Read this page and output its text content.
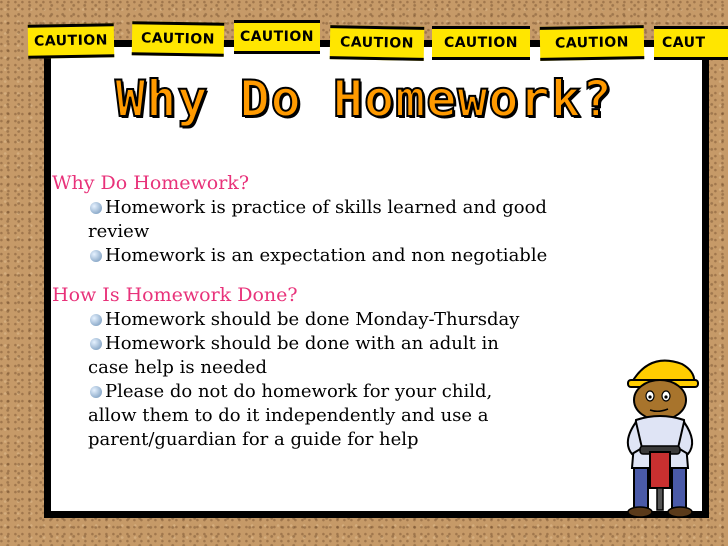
CAUTION	CAUTION	CAUTION	CAUTION	CAUTION	CAUTION	CAUT
Why Do Homework?

Why Do Homework?

Homework is practice of skills learned and good

review

Homework is an expectation and non negotiable

How Is Homework Done?

Homework should be done Monday-Thursday

Homework should be done with an adult in

case help is needed

Please do not do homework for your child,

allow them to do it independently and use a

parent/guardian for a guide for help
